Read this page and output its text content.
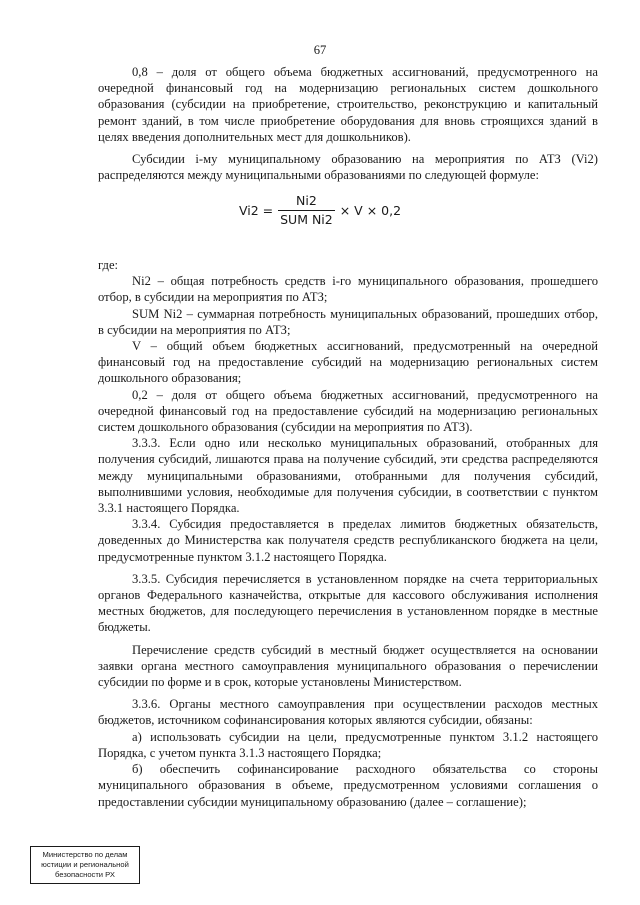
67

0,8 – доля от общего объема бюджетных ассигнований, предусмотренного на очередной финансовый год на модернизацию региональных систем дошкольного образования (субсидии на приобретение, строительство, реконструкцию и капитальный ремонт зданий, в том числе приобретение оборудования для вновь строящихся зданий в целях введения дополнительных мест для дошкольников).

Субсидии i-му муниципальному образованию на мероприятия по АТЗ (Vi2) распределяются между муниципальными образованиями по следующей формуле:

$Vi2 = \frac{Ni2}{\text{SUM Ni2}} \times V \times 0,2$

где:

Ni2 – общая потребность средств i-го муниципального образования, прошедшего отбор, в субсидии на мероприятия по АТЗ;

SUM Ni2 – суммарная потребность муниципальных образований, прошедших отбор, в субсидии на мероприятия по АТЗ;

V – общий объем бюджетных ассигнований, предусмотренный на очередной финансовый год на предоставление субсидий на модернизацию региональных систем дошкольного образования;

0,2 – доля от общего объема бюджетных ассигнований, предусмотренного на очередной финансовый год на предоставление субсидий на модернизацию региональных систем дошкольного образования (субсидии на мероприятия по АТЗ).

3.3.3. Если одно или несколько муниципальных образований, отобранных для получения субсидий, лишаются права на получение субсидий, эти средства распределяются между муниципальными образованиями, отобранными для получения субсидий, выполнившими условия, необходимые для получения субсидии, в соответствии с пунктом 3.3.1 настоящего Порядка.

3.3.4. Субсидия предоставляется в пределах лимитов бюджетных обязательств, доведенных до Министерства как получателя средств республиканского бюджета на цели, предусмотренные пунктом 3.1.2 настоящего Порядка.

3.3.5. Субсидия перечисляется в установленном порядке на счета территориальных органов Федерального казначейства, открытые для кассового обслуживания исполнения местных бюджетов, для последующего перечисления в установленном порядке в местные бюджеты.

Перечисление средств субсидий в местный бюджет осуществляется на основании заявки органа местного самоуправления муниципального образования о перечислении субсидии по форме и в срок, которые установлены Министерством.

3.3.6. Органы местного самоуправления при осуществлении расходов местных бюджетов, источником софинансирования которых являются субсидии, обязаны:

а) использовать субсидии на цели, предусмотренные пунктом 3.1.2 настоящего Порядка, с учетом пункта 3.1.3 настоящего Порядка;

б) обеспечить софинансирование расходного обязательства со стороны муниципального образования в объеме, предусмотренном условиями соглашения о предоставлении субсидии муниципальному образованию (далее – соглашение);

Министерство по делам
юстиции и региональной
безопасности РХ
